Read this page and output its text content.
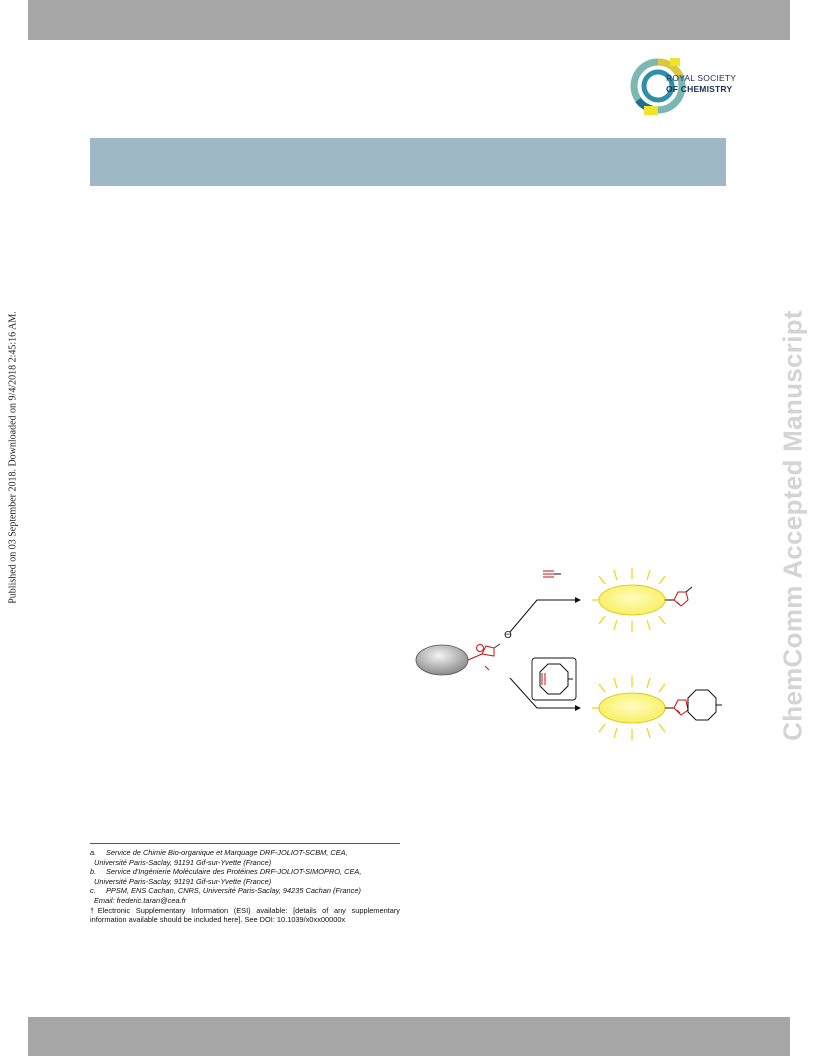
ROYAL SOCIETY
OF CHEMISTRY
Published on 03 September 2018. Downloaded on 9/4/2018 2:45:16 AM.	ChemComm Accepted Manuscript
Θ
a. Service de Chimie Bio-organique et Marquage DRF-JOLIOT-SCBM, CEA,
Université Paris-Saclay, 91191 Gif-sur-Yvette (France)
b. Service d'Ingénierie Moléculaire des Protéines DRF-JOLIOT-SIMOPRO, CEA,
Université Paris-Saclay, 91191 Gif-sur-Yvette (France)
c. PPSM, ENS Cachan, CNRS, Université Paris-Saclay, 94235 Cachan (France)
Email: frederic.taran@cea.fr
†Electronic Supplementary Information (ESI) available: [details of any supplementary information available should be included here]. See DOI: 10.1039/x0xx00000x
